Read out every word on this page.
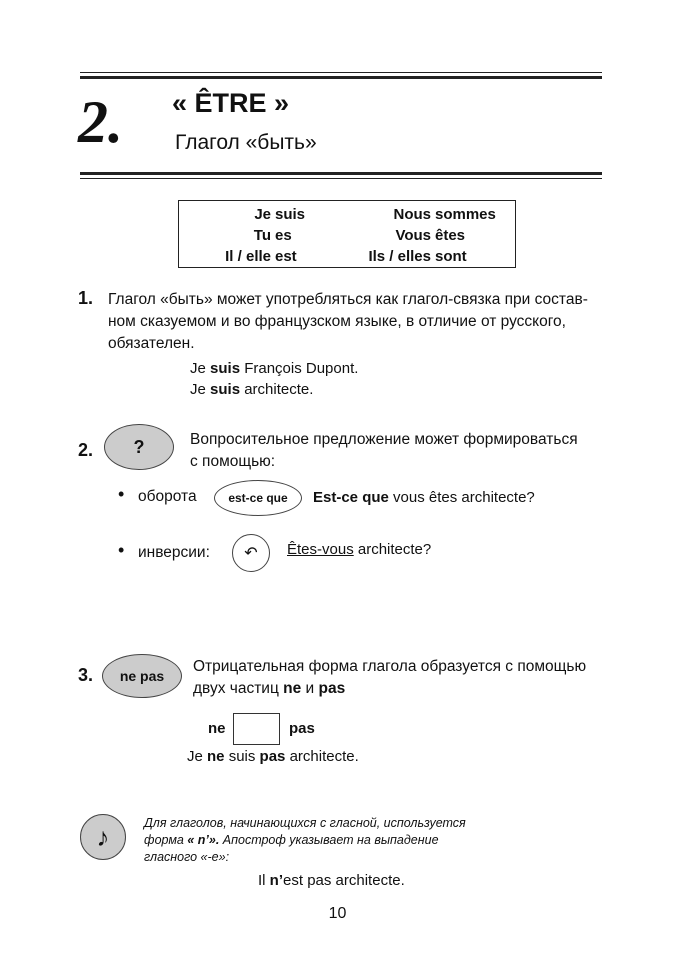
2. « ÊTRE »
Глагол «быть»
Je suis	Nous sommes
Tu es	Vous êtes
Il / elle est	Ils / elles sont
1. Глагол «быть» может употребляться как глагол-связка при состав-
ном сказуемом и во французском языке, в отличие от русского,
обязателен.
Je suis François Dupont.
Je suis architecte.
2.	?	Вопросительное предложение может формироваться
с помощью:
• оборота	est-ce que	Est-ce que vous êtes architecte?
• инверсии:	↶	Êtes-vous architecte?
3.	ne pas
Отрицательная форма глагола образуется с помощью
двух частиц ne и pas
ne	pas
Je ne suis pas architecte.
♪	Для глаголов, начинающихся с гласной, используется
форма « n’». Апостроф указывает на выпадение
гласного «-е»:
Il n’est pas architecte.
10
